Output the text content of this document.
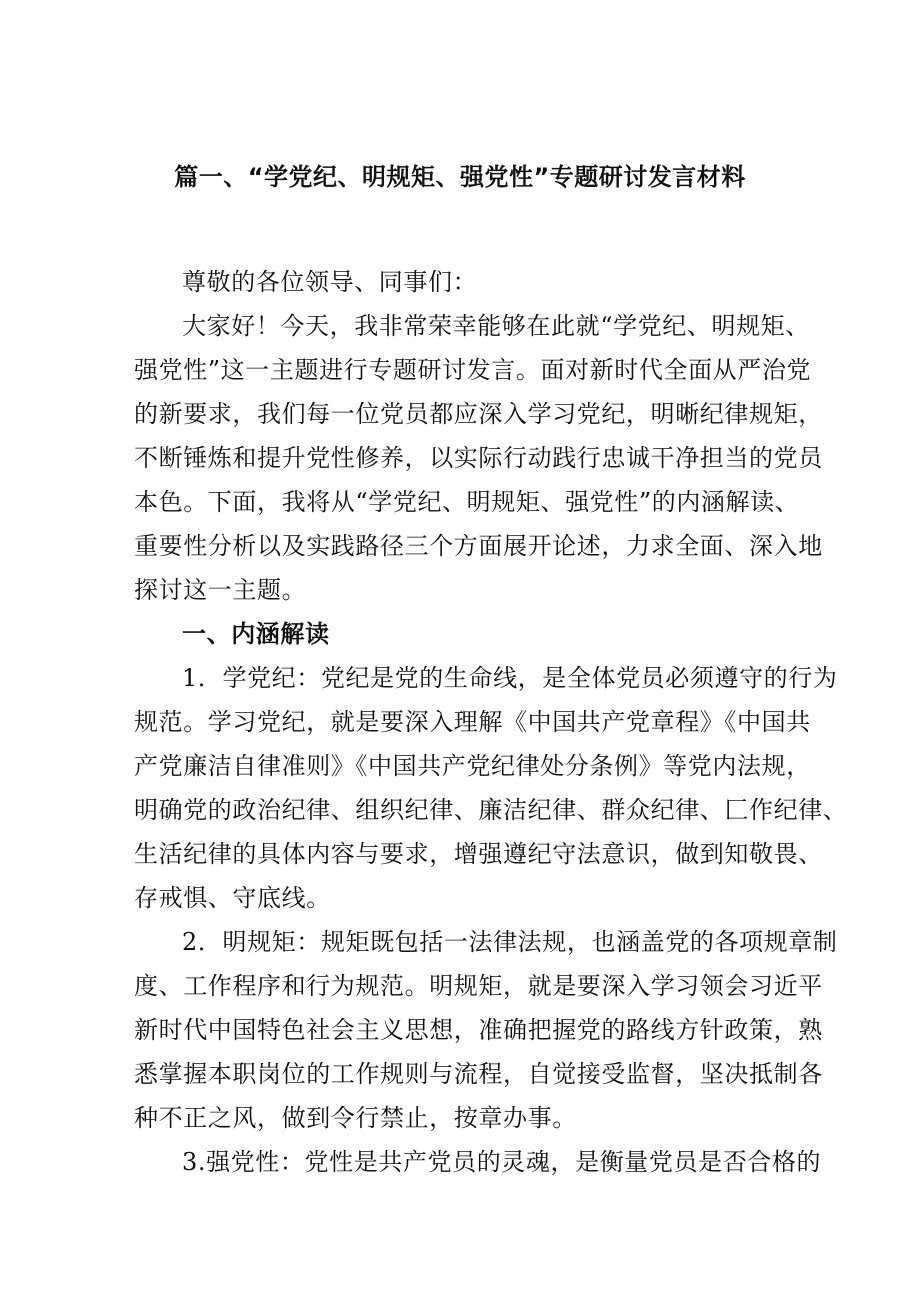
篇一、“学党纪、明规矩、强党性”专题研讨发言材料
尊敬的各位领导、同事们：
大家好！今天，我非常荣幸能够在此就“学党纪、明规矩、
强党性”这一主题进行专题研讨发言。面对新时代全面从严治党
的新要求，我们每一位党员都应深入学习党纪，明晰纪律规矩，
不断锤炼和提升党性修养，以实际行动践行忠诚干净担当的党员
本色。下面，我将从“学党纪、明规矩、强党性”的内涵解读、
重要性分析以及实践路径三个方面展开论述，力求全面、深入地
探讨这一主题。
一、内涵解读
1．学党纪：党纪是党的生命线，是全体党员必须遵守的行为
规范。学习党纪，就是要深入理解《中国共产党章程》《中国共
产党廉洁自律准则》《中国共产党纪律处分条例》等党内法规，
明确党的政治纪律、组织纪律、廉洁纪律、群众纪律、匚作纪律、
生活纪律的具体内容与要求，增强遵纪守法意识，做到知敬畏、
存戒惧、守底线。
2．明规矩：规矩既包括一法律法规，也涵盖党的各项规章制
度、工作程序和行为规范。明规矩，就是要深入学习领会习近平
新时代中国特色社会主义思想，准确把握党的路线方针政策，熟
悉掌握本职岗位的工作规则与流程，自觉接受监督，坚决抵制各
种不正之风，做到令行禁止，按章办事。
3.强党性：党性是共产党员的灵魂，是衡量党员是否合格的
